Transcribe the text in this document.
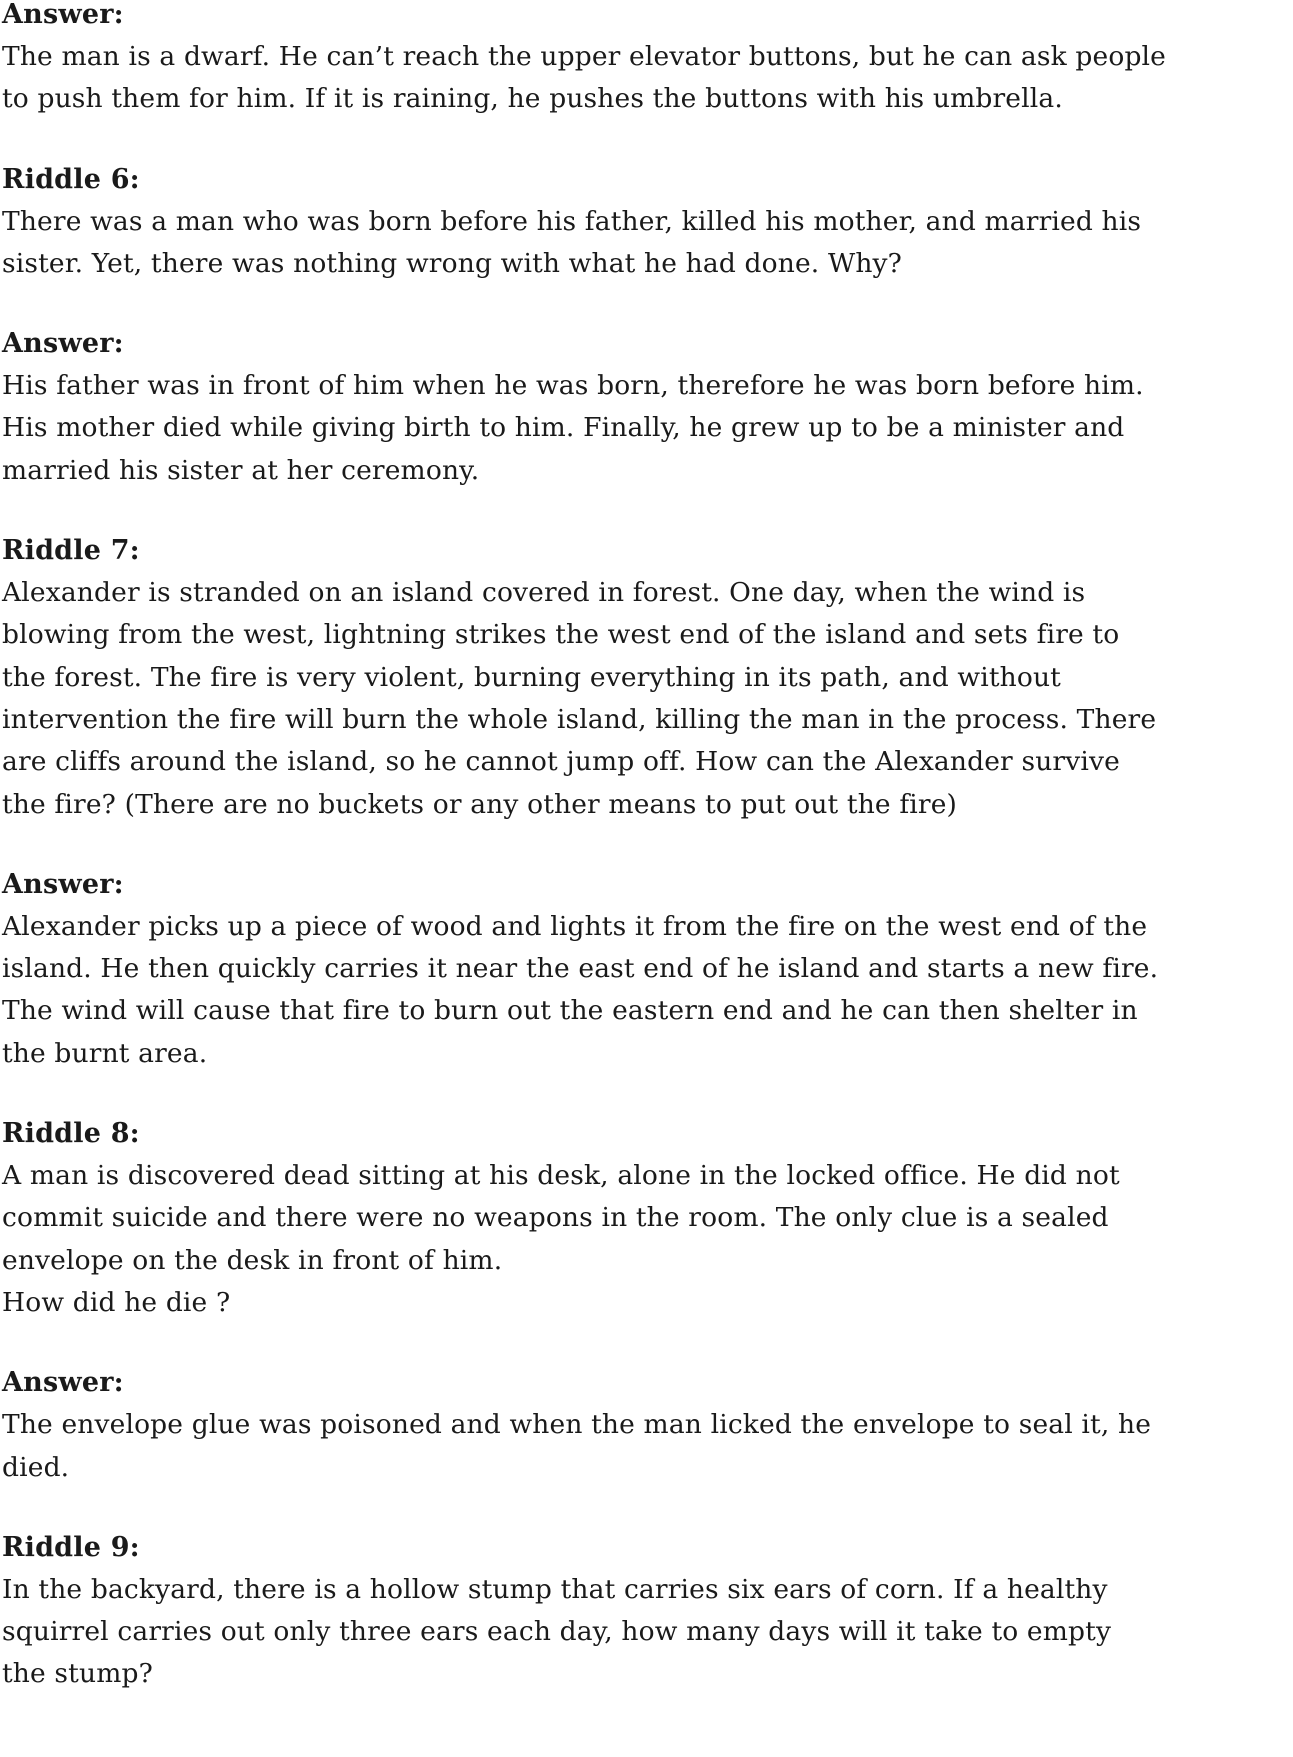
Answer:
The man is a dwarf. He can’t reach the upper elevator buttons, but he can ask people
to push them for him. If it is raining, he pushes the buttons with his umbrella.
Riddle 6:
There was a man who was born before his father, killed his mother, and married his
sister. Yet, there was nothing wrong with what he had done. Why?
Answer:
His father was in front of him when he was born, therefore he was born before him.
His mother died while giving birth to him. Finally, he grew up to be a minister and
married his sister at her ceremony.
Riddle 7:
Alexander is stranded on an island covered in forest. One day, when the wind is
blowing from the west, lightning strikes the west end of the island and sets fire to
the forest. The fire is very violent, burning everything in its path, and without
intervention the fire will burn the whole island, killing the man in the process. There
are cliffs around the island, so he cannot jump off. How can the Alexander survive
the fire? (There are no buckets or any other means to put out the fire)
Answer:
Alexander picks up a piece of wood and lights it from the fire on the west end of the
island. He then quickly carries it near the east end of he island and starts a new fire.
The wind will cause that fire to burn out the eastern end and he can then shelter in
the burnt area.
Riddle 8:
A man is discovered dead sitting at his desk, alone in the locked office. He did not
commit suicide and there were no weapons in the room. The only clue is a sealed
envelope on the desk in front of him.
How did he die ?
Answer:
The envelope glue was poisoned and when the man licked the envelope to seal it, he
died.
Riddle 9:
In the backyard, there is a hollow stump that carries six ears of corn. If a healthy
squirrel carries out only three ears each day, how many days will it take to empty
the stump?
